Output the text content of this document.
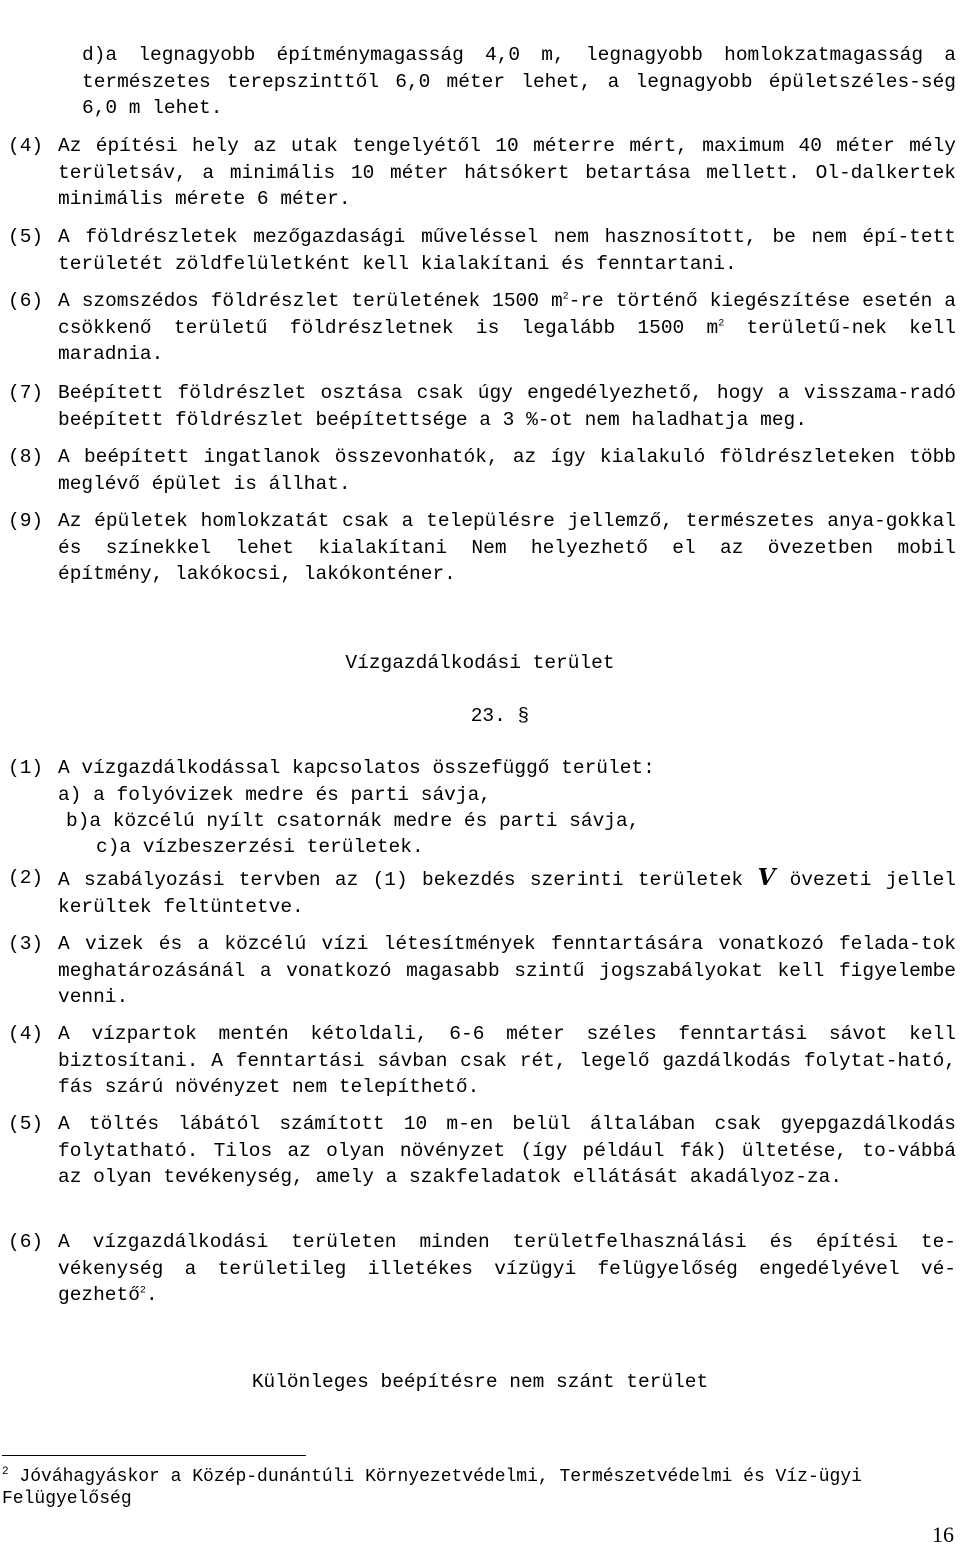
d)a legnagyobb építménymagasság 4,0 m, legnagyobb homlokzatmagasság a természetes terepszinttől 6,0 méter lehet, a legnagyobb épületszéles-ség 6,0 m lehet.
(4) Az építési hely az utak tengelyétől 10 méterre mért, maximum 40 méter mély területsáv, a minimális 10 méter hátsókert betartása mellett. Ol-dalkertek minimális mérete 6 méter.
(5) A földrészletek mezőgazdasági műveléssel nem hasznosított, be nem épí-tett területét zöldfelületként kell kialakítani és fenntartani.
(6) A szomszédos földrészlet területének 1500 $m^2-re$ történő kiegészítése esetén a csökkenő területű földrészletnek is legalább 1500 $m^2$ területű-nek kell maradnia.
(7) Beépített földrészlet osztása csak úgy engedélyezhető, hogy a visszama-radó beépített földrészlet beépítettsége a 3 %-ot nem haladhatja meg.
(8) A beépített ingatlanok összevonhatók, az így kialakuló földrészleteken több meglévő épület is állhat.
(9) Az épületek homlokzatát csak a településre jellemző, természetes anya-gokkal és színekkel lehet kialakítani Nem helyezhető el az övezetben mobil építmény, lakókocsi, lakókonténer.
Vízgazdálkodási terület
23. §
(1) A vízgazdálkodással kapcsolatos összefüggő terület:
a) a folyóvizek medre és parti sávja,
b)a közcélú nyílt csatornák medre és parti sávja,
c)a vízbeszerzési területek.
(2) A szabályozási tervben az (1) bekezdés szerinti területek V övezeti jellel kerültek feltüntetve.
(3) A vizek és a közcélú vízi létesítmények fenntartására vonatkozó felada-tok meghatározásánál a vonatkozó magasabb szintű jogszabályokat kell figyelembe venni.
(4) A vízpartok mentén kétoldali, 6-6 méter széles fenntartási sávot kell biztosítani. A fenntartási sávban csak rét, legelő gazdálkodás folytat-ható, fás szárú növényzet nem telepíthető.
(5) A töltés lábától számított 10 m-en belül általában csak gyepgazdálkodás folytatható. Tilos az olyan növényzet (így például fák) ültetése, to-vábbá az olyan tevékenység, amely a szakfeladatok ellátását akadályoz-za.
(6) A vízgazdálkodási területen minden területfelhasználási és építési te-vékenység a területileg illetékes vízügyi felügyelőség engedélyével vé-gezhető$^2$.
Különleges beépítésre nem szánt terület
$^2$ Jóváhagyáskor a Közép-dunántúli Környezetvédelmi, Természetvédelmi és Víz-ügyi Felügyelőség
16
